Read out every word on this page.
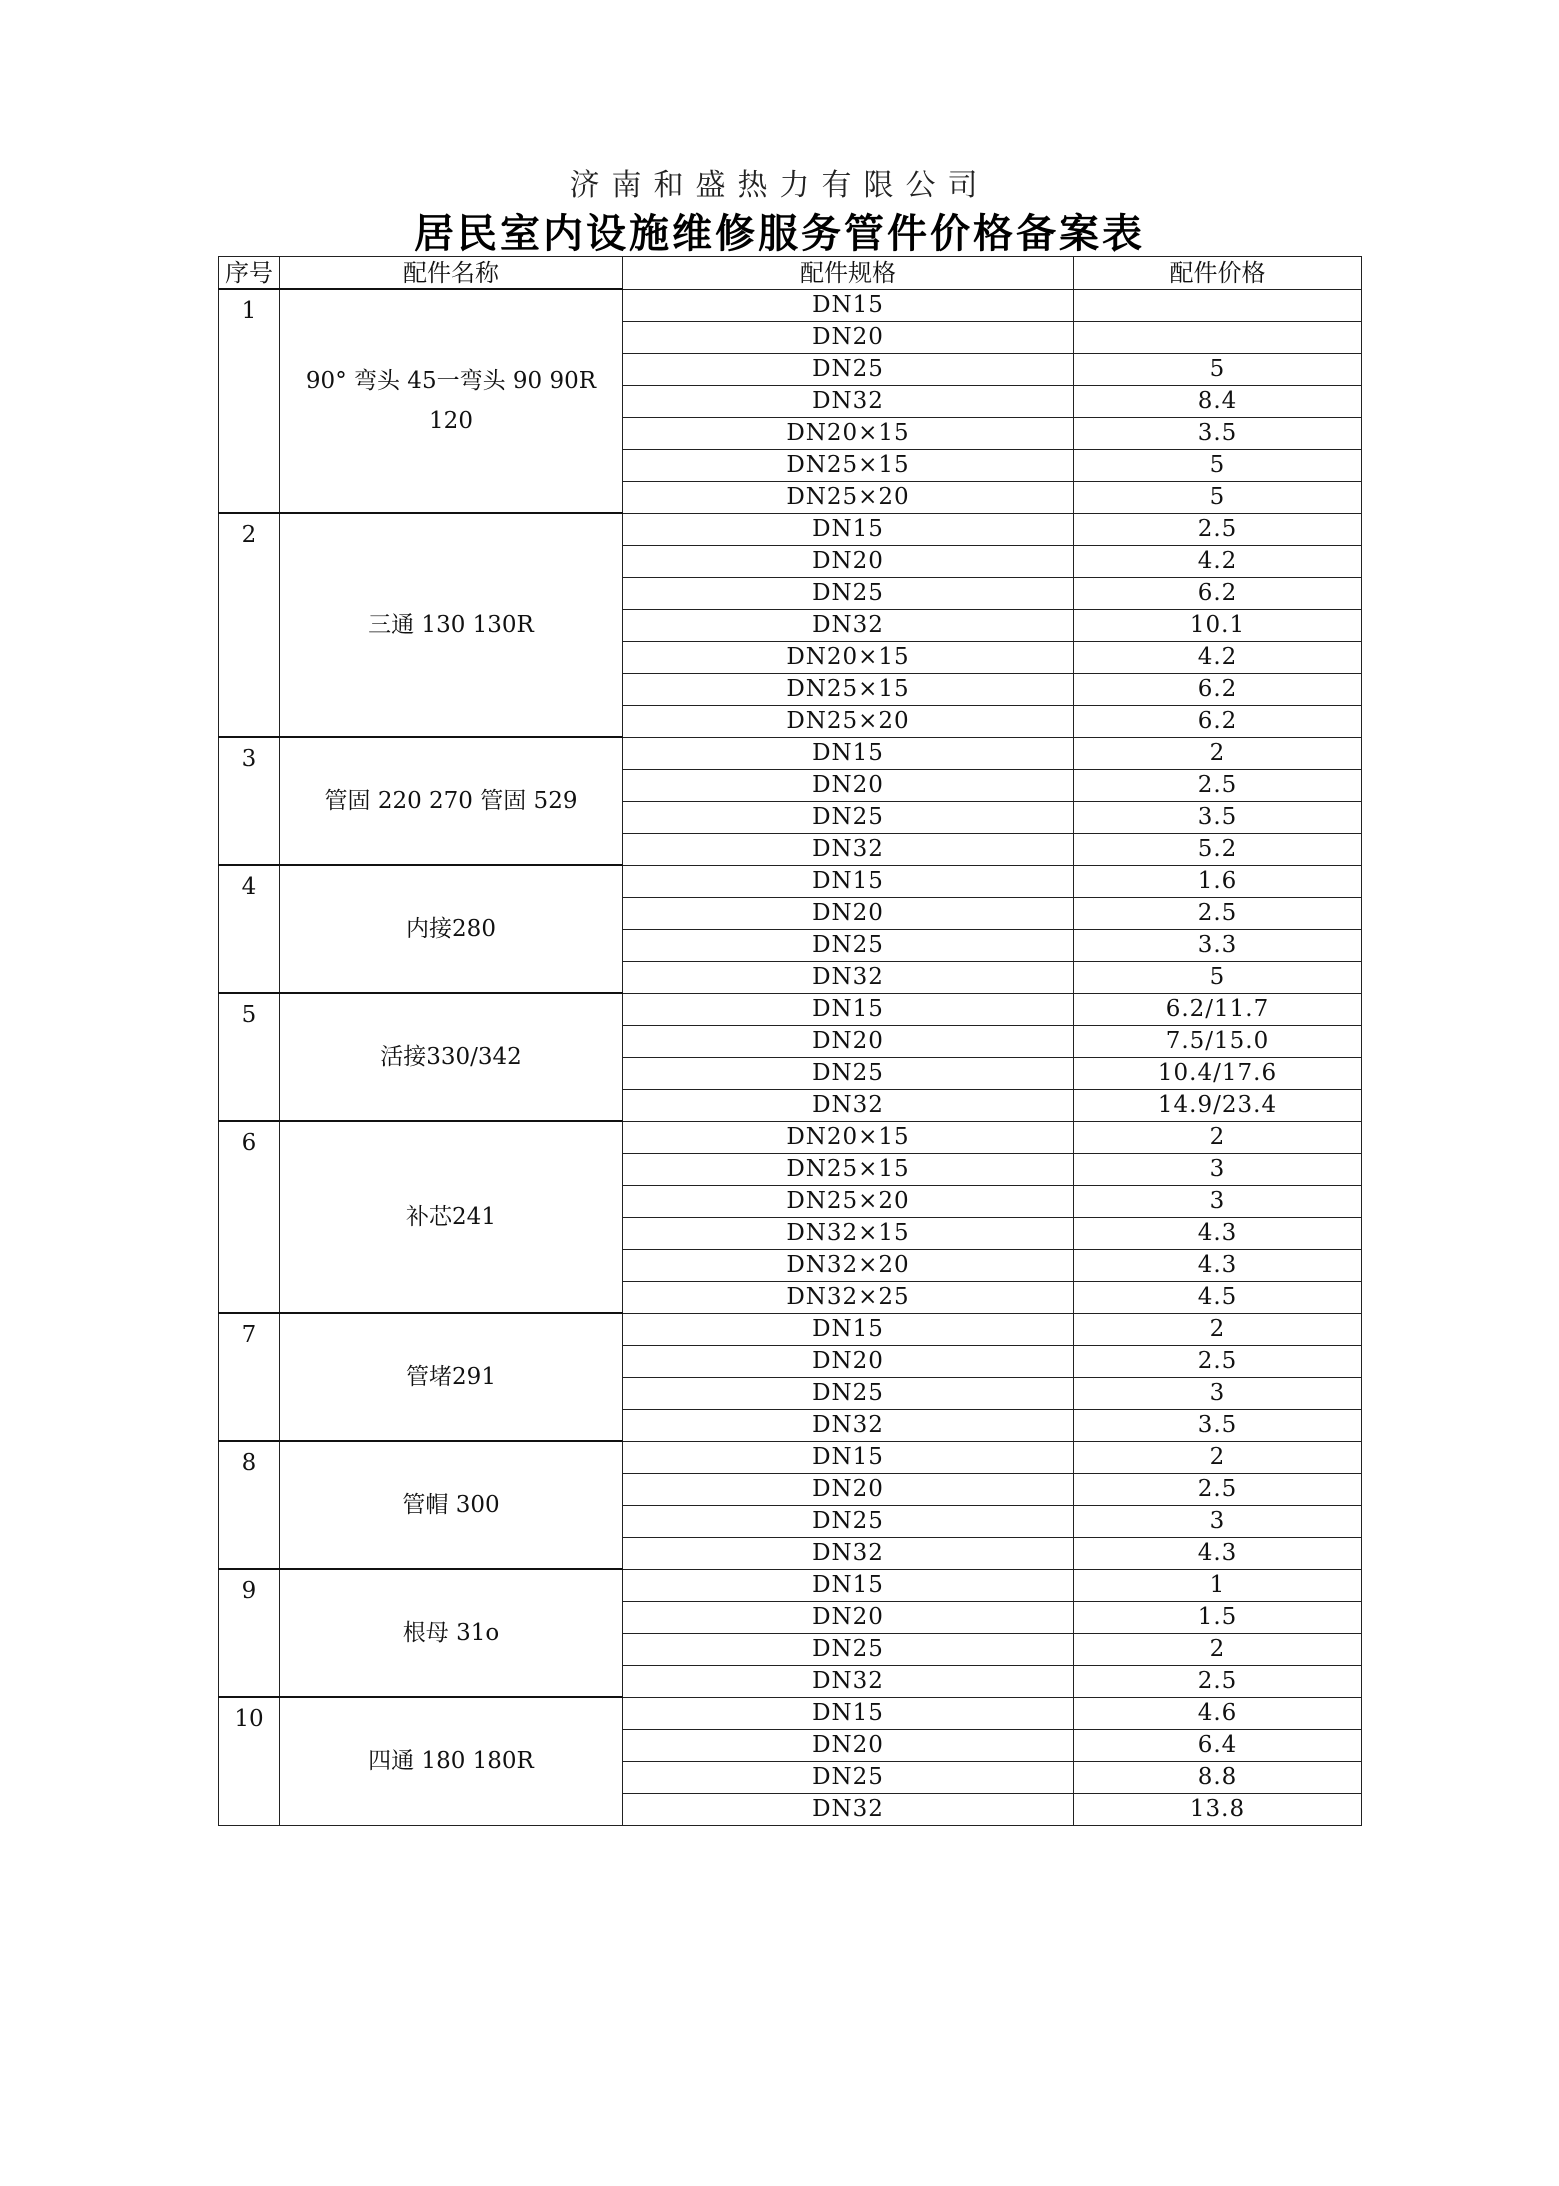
济南和盛热力有限公司
居民室内设施维修服务管件价格备案表
序号	配件名称	配件规格	配件价格
1	90° 弯头 45一弯头 90 90R 120	DN15	
		DN20	
		DN25	5
		DN32	8.4
		DN20×15	3.5
		DN25×15	5
		DN25×20	5
2	三通 130 130R	DN15	2.5
		DN20	4.2
		DN25	6.2
		DN32	10.1
		DN20×15	4.2
		DN25×15	6.2
		DN25×20	6.2
3	管固 220 270 管固 529	DN15	2
		DN20	2.5
		DN25	3.5
		DN32	5.2
4	内接280	DN15	1.6
		DN20	2.5
		DN25	3.3
		DN32	5
5	活接330/342	DN15	6.2/11.7
		DN20	7.5/15.0
		DN25	10.4/17.6
		DN32	14.9/23.4
6	补芯241	DN20×15	2
		DN25×15	3
		DN25×20	3
		DN32×15	4.3
		DN32×20	4.3
		DN32×25	4.5
7	管堵291	DN15	2
		DN20	2.5
		DN25	3
		DN32	3.5
8	管帽 300	DN15	2
		DN20	2.5
		DN25	3
		DN32	4.3
9	根母 31o	DN15	1
		DN20	1.5
		DN25	2
		DN32	2.5
10	四通 180 180R	DN15	4.6
		DN20	6.4
		DN25	8.8
		DN32	13.8
